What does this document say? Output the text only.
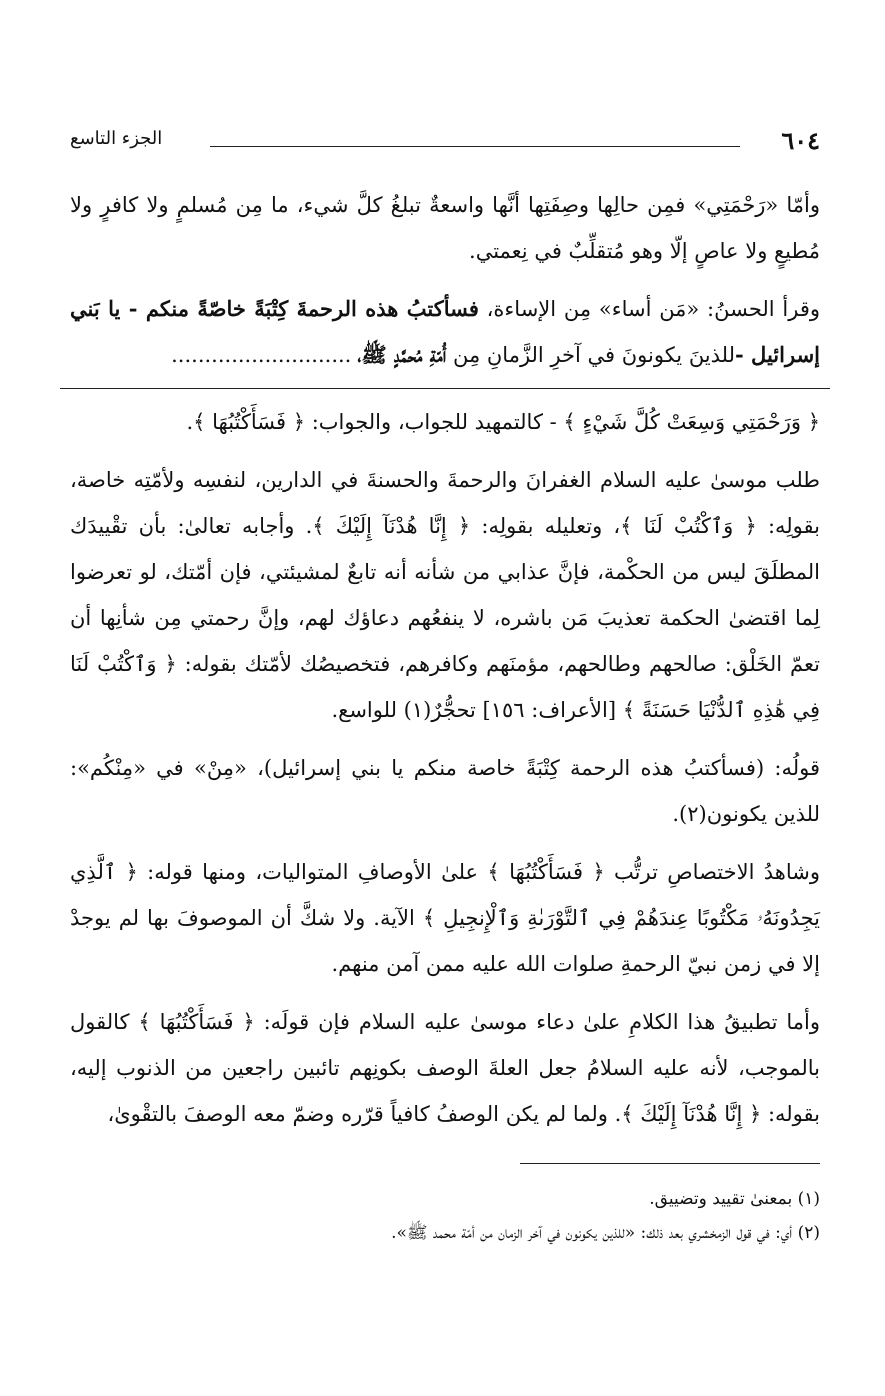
٦٠٤
الجزء التاسع

وأمّا «رَحْمَتِي» فمِن حالِها وصِفَتِها أنَّها واسعةٌ تبلغُ كلَّ شيء، ما مِن مُسلمٍ ولا كافرٍ ولا مُطيعٍ ولا عاصٍ إلّا وهو مُتقلِّبٌ في نِعمتي.

وقرأ الحسنُ: «مَن أساء» مِن الإساءة، فسأكتبُ هذه الرحمةَ كِتْبَةً خاصّةً منكم - يا بَني إسرائيل -للذينَ يكونونَ في آخرِ الزَّمانِ مِن أُمّةِ مُحمَّدٍ ﷺ،...........................

﴿ وَرَحْمَتِي وَسِعَتْ كُلَّ شَيْءٍ ﴾ - كالتمهيد للجواب، والجواب: ﴿ فَسَأَكْتُبُهَا ﴾.

طلب موسىٰ عليه السلام الغفرانَ والرحمةَ والحسنةَ في الدارين، لنفسِه ولأمّتِه خاصة، بقولِه: ﴿ وَٱكْتُبْ لَنَا ﴾، وتعليله بقولِه: ﴿ إِنَّا هُدْنَآ إِلَيْكَ ﴾. وأجابه تعالىٰ: بأن تقْييدَك المطلَقَ ليس من الحكْمة، فإنَّ عذابي من شأنه أنه تابعٌ لمشيئتي، فإن أمّتك، لو تعرضوا لِما اقتضىٰ الحكمة تعذيبَ مَن باشره، لا ينفعُهم دعاؤك لهم، وإنَّ رحمتي مِن شأنِها أن تعمّ الخَلْق: صالحهم وطالحهم، مؤمنَهم وكافرهم، فتخصيصُك لأمّتك بقوله: ﴿ وَٱكْتُبْ لَنَا فِي هَٰذِهِ ٱلدُّنْيَا حَسَنَةً ﴾ [الأعراف: ١٥٦] تحجُّرٌ(١) للواسع.

قولُه: (فسأكتبُ هذه الرحمة كِتْبَةً خاصة منكم يا بني إسرائيل)، «مِنْ» في «مِنْكُم»: للذين يكونون(٢).

وشاهدُ الاختصاصِ ترتُّب ﴿ فَسَأَكْتُبُهَا ﴾ علىٰ الأوصافِ المتواليات، ومنها قوله: ﴿ ٱلَّذِي يَجِدُونَهُۥ مَكْتُوبًا عِندَهُمْ فِي ٱلتَّوْرَىٰةِ وَٱلْإِنجِيلِ ﴾ الآية. ولا شكَّ أن الموصوفَ بها لم يوجدْ إلا في زمن نبيّ الرحمةِ صلوات الله عليه ممن آمن منهم.

وأما تطبيقُ هذا الكلامِ علىٰ دعاء موسىٰ عليه السلام فإن قولَه: ﴿ فَسَأَكْتُبُهَا ﴾ كالقول بالموجب، لأنه عليه السلامُ جعل العلةَ الوصف بكونِهم تائبين راجعين من الذنوب إليه، بقوله: ﴿ إِنَّا هُدْنَآ إِلَيْكَ ﴾. ولما لم يكن الوصفُ كافياً قرّره وضمّ معه الوصفَ بالتقْوىٰ،

(١) بمعنىٰ تقييد وتضييق.

(٢) أي: في قول الزمخشري بعد ذلك: «للذين يكونون في آخر الزمان من أمّة محمد ﷺ».
